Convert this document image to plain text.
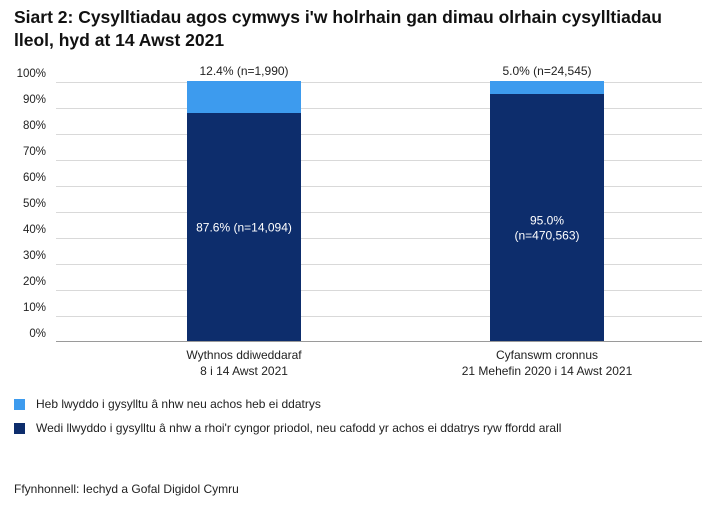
Siart 2: Cysylltiadau agos cymwys i'w holrhain gan dimau olrhain cysylltiadau lleol, hyd at 14 Awst 2021
0%
10%
20%
30%
40%
50%
60%
70%
80%
90%
100%
87.6% (n=14,094)
12.4% (n=1,990)
95.0%
(n=470,563)
5.0% (n=24,545)
Wythnos ddiweddaraf
8 i 14 Awst 2021
Cyfanswm cronnus
21 Mehefin 2020 i 14 Awst 2021
Heb lwyddo i gysylltu â nhw neu achos heb ei ddatrys
Wedi llwyddo i gysylltu â nhw a rhoi'r cyngor priodol, neu cafodd yr achos ei ddatrys ryw ffordd arall
Ffynhonnell: Iechyd a Gofal Digidol Cymru
